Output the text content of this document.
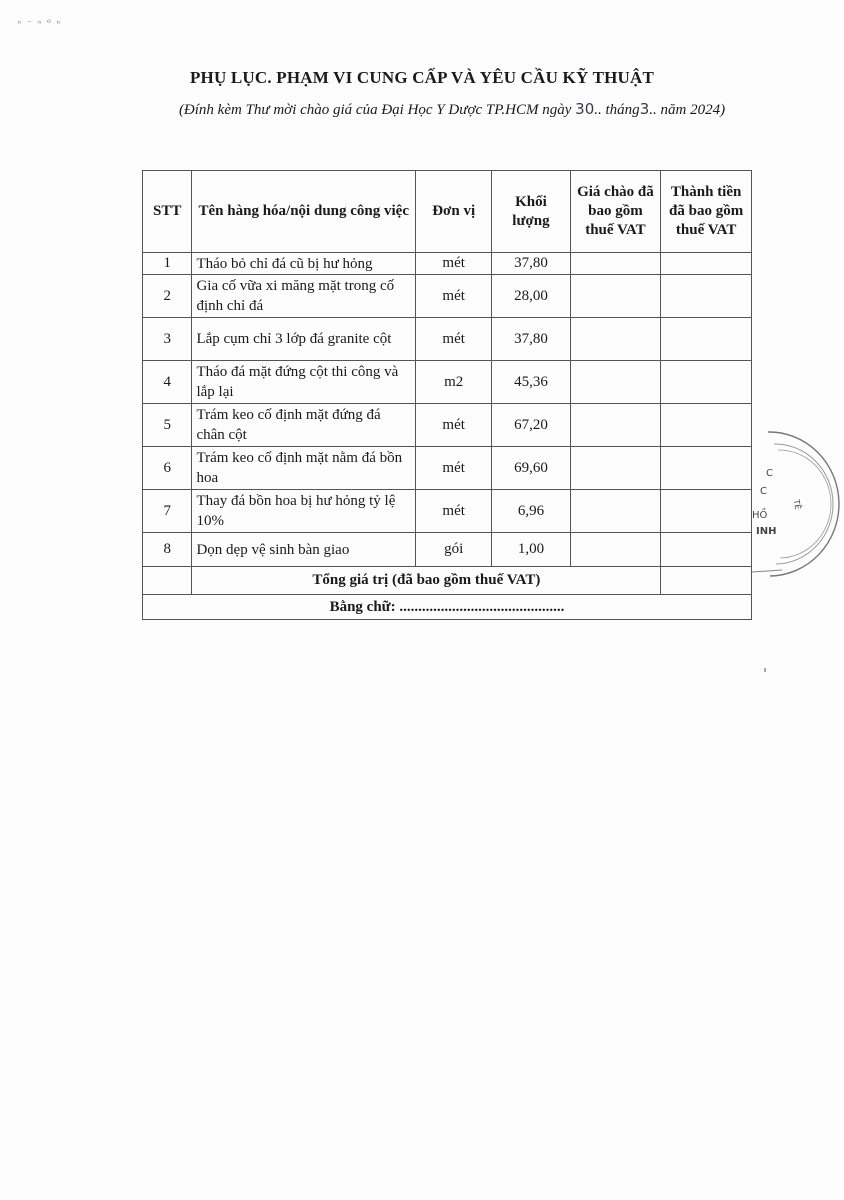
ⁿ ⁻ ⁿ ⁰ ⁿ
PHỤ LỤC. PHẠM VI CUNG CẤP VÀ YÊU CẦU KỸ THUẬT
(Đính kèm Thư mời chào giá của Đại Học Y Dược TP.HCM ngày 30.. tháng3.. năm 2024)
STT	Tên hàng hóa/nội dung công việc	Đơn vị	Khối lượng	Giá chào đã bao gồm thuế VAT	Thành tiền đã bao gồm thuế VAT
1	Tháo bỏ chỉ đá cũ bị hư hỏng	mét	37,80		
2	Gia cố vữa xi măng mặt trong cố định chỉ đá	mét	28,00		
3	Lắp cụm chỉ 3 lớp đá granite cột	mét	37,80		
4	Tháo đá mặt đứng cột thi công và lắp lại	m2	45,36		
5	Trám keo cố định mặt đứng đá chân cột	mét	67,20		
6	Trám keo cố định mặt nằm đá bồn hoa	mét	69,60		
7	Thay đá bồn hoa bị hư hỏng tỷ lệ 10%	mét	6,96		
8	Dọn dẹp vệ sinh bàn giao	gói	1,00		
	Tổng giá trị (đã bao gồm thuế VAT)				
Bằng chữ: ............................................					
C
C
HỒ
INH
TÊ
